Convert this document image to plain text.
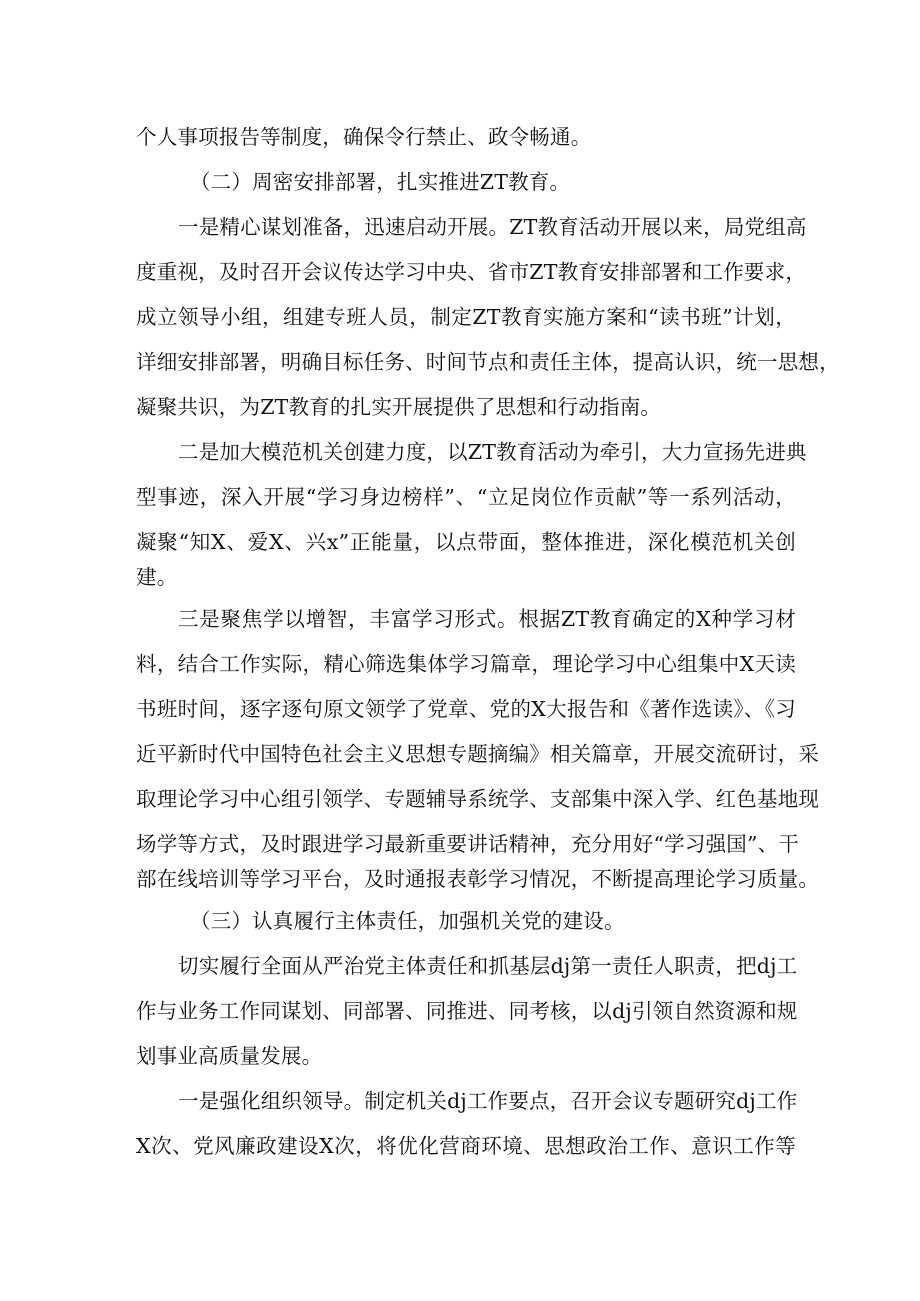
个人事项报告等制度，确保令行禁止、政令畅通。
（二）周密安排部署，扎实推进ZT教育。
一是精心谋划准备，迅速启动开展。ZT教育活动开展以来，局党组高
度重视，及时召开会议传达学习中央、省市ZT教育安排部署和工作要求，
成立领导小组，组建专班人员，制定ZT教育实施方案和“读书班”计划，
详细安排部署，明确目标任务、时间节点和责任主体，提高认识，统一思想，
凝聚共识，为ZT教育的扎实开展提供了思想和行动指南。
二是加大模范机关创建力度，以ZT教育活动为牵引，大力宣扬先进典
型事迹，深入开展“学习身边榜样”、“立足岗位作贡献”等一系列活动，
凝聚“知X、爱X、兴x”正能量，以点带面，整体推进，深化模范机关创
建。
三是聚焦学以增智，丰富学习形式。根据ZT教育确定的X种学习材
料，结合工作实际，精心筛选集体学习篇章，理论学习中心组集中X天读
书班时间，逐字逐句原文领学了党章、党的X大报告和《著作选读》、《习
近平新时代中国特色社会主义思想专题摘编》相关篇章，开展交流研讨，采
取理论学习中心组引领学、专题辅导系统学、支部集中深入学、红色基地现
场学等方式，及时跟进学习最新重要讲话精神，充分用好“学习强国”、干
部在线培训等学习平台，及时通报表彰学习情况，不断提高理论学习质量。
（三）认真履行主体责任，加强机关党的建设。
切实履行全面从严治党主体责任和抓基层dj第一责任人职责，把dj工
作与业务工作同谋划、同部署、同推进、同考核，以dj引领自然资源和规
划事业高质量发展。
一是强化组织领导。制定机关dj工作要点，召开会议专题研究dj工作
X次、党风廉政建设X次，将优化营商环境、思想政治工作、意识工作等
